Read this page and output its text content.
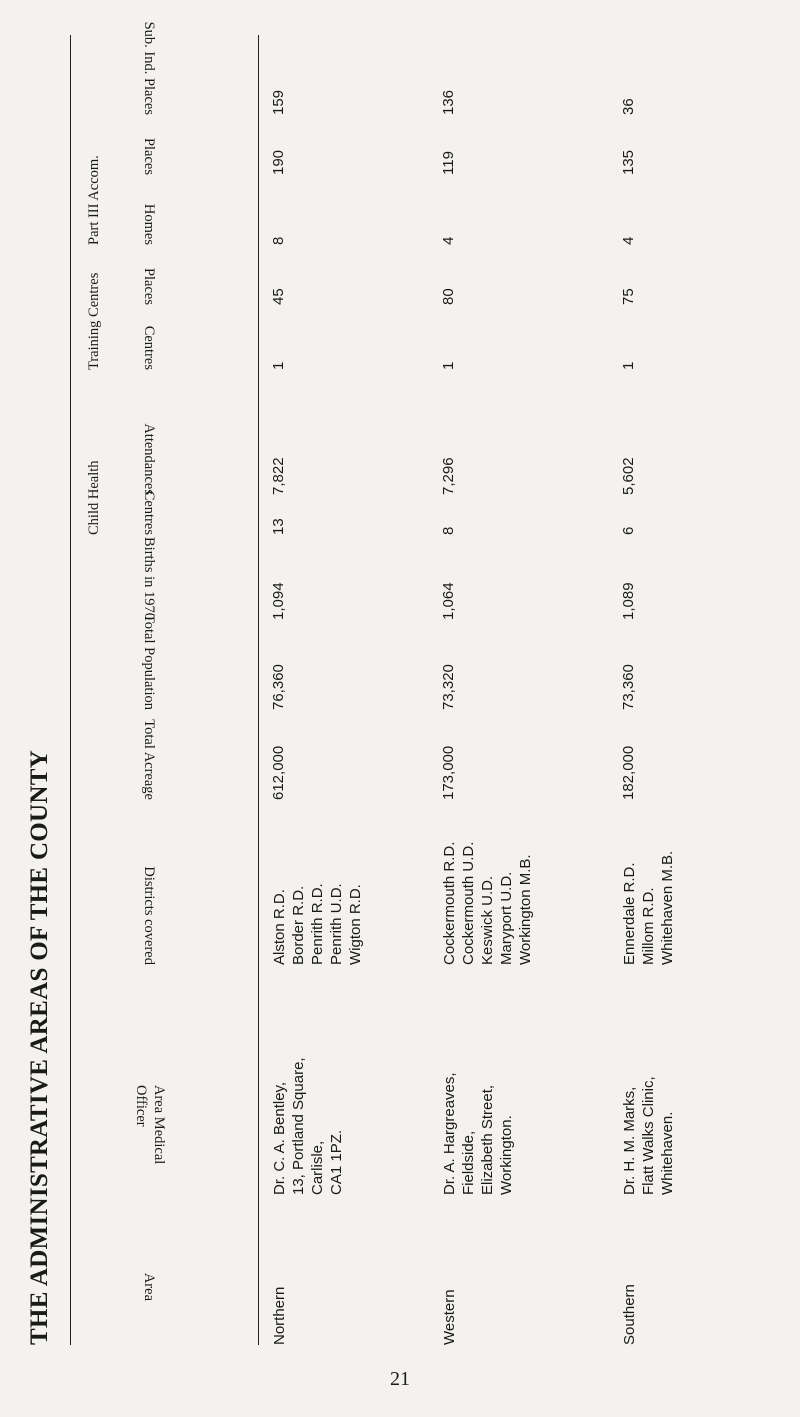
THE ADMINISTRATIVE AREAS OF THE COUNTY	Area
Area Medical Officer
Districts covered
Total Acreage
Total Population
Births in 1970
Centres
Attendances
Centres
Places
Homes
Places
Sub. Ind. Places
Child Health
Training Centres
Part III Accom.
Northern
Dr. C. A. Bentley, 13, Portland Square, Carlisle, CA1 1PZ.
Alston R.D. Border R.D. Penrith R.D. Penrith U.D. Wigton R.D.
612,000
76,360
1,094
13
7,822
1
45
8
190
159
Western
Dr. A. Hargreaves, Fieldside, Elizabeth Street, Workington.
Cockermouth R.D. Cockermouth U.D. Keswick U.D. Maryport U.D. Workington M.B.
173,000
73,320
1,064
8
7,296
1
80
4
119
136
Southern
Dr. H. M. Marks, Flatt Walks Clinic, Whitehaven.
Ennerdale R.D. Millom R.D. Whitehaven M.B.
182,000
73,360
1,089
6
5,602
1
75
4
135
36
21
